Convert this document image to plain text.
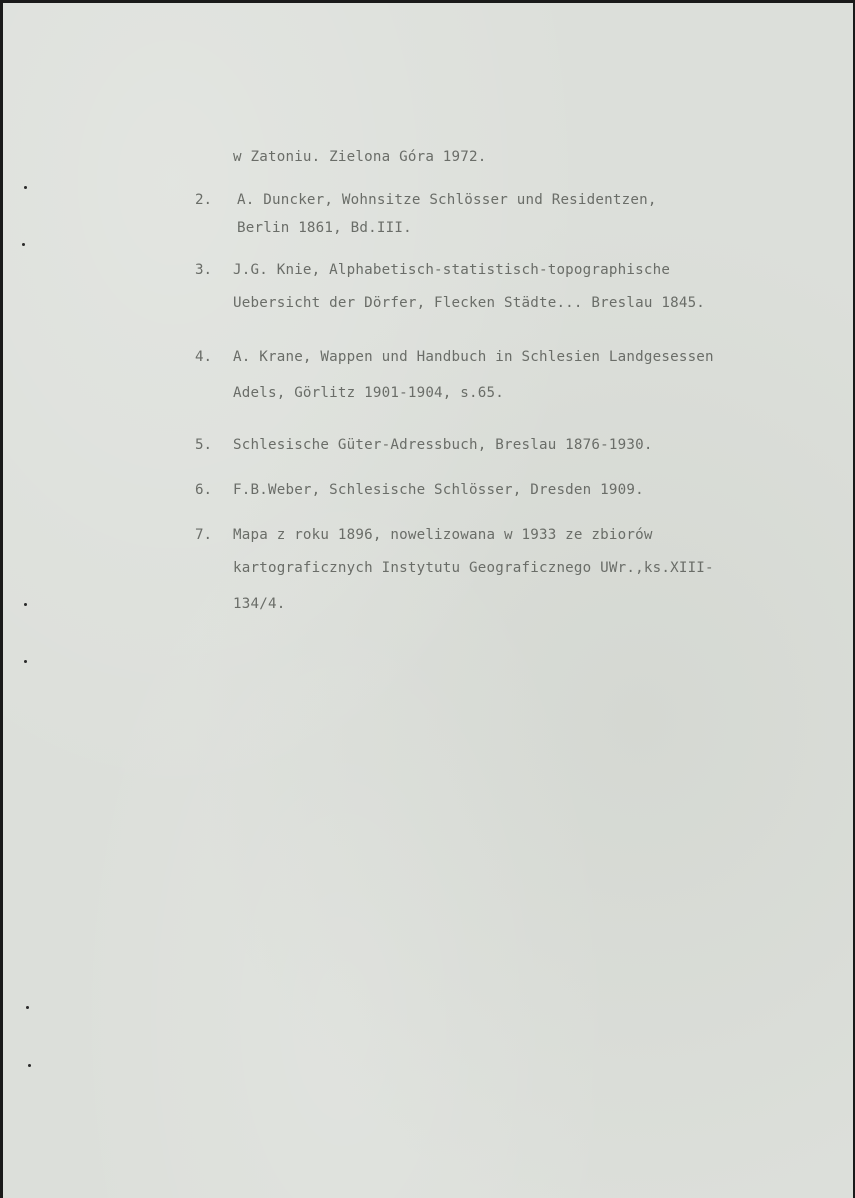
w Zatoniu. Zielona Góra 1972.
2. A. Duncker, Wohnsitze Schlösser und Residentzen,
Berlin 1861, Bd.III.
3. J.G. Knie, Alphabetisch-statistisch-topographische
Uebersicht der Dörfer, Flecken Städte... Breslau 1845.
4. A. Krane, Wappen und Handbuch in Schlesien Landgesessen
Adels, Görlitz 1901-1904, s.65.
5. Schlesische Güter-Adressbuch, Breslau 1876-1930.
6. F.B.Weber, Schlesische Schlösser, Dresden 1909.
7. Mapa z roku 1896, nowelizowana w 1933 ze zbiorów
kartograficznych Instytutu Geograficznego UWr.,ks.XIII-
134/4.
